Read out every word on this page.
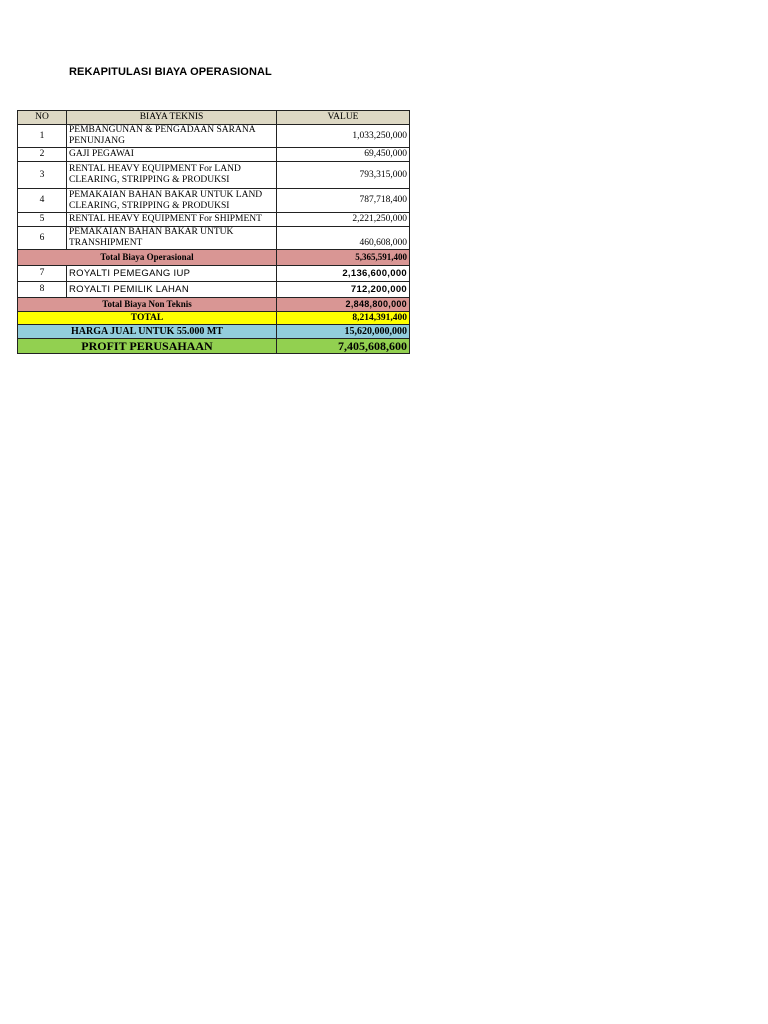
REKAPITULASI BIAYA OPERASIONAL
NO	BIAYA TEKNIS	VALUE
1	PEMBANGUNAN & PENGADAAN SARANA PENUNJANG	1,033,250,000
2	GAJI PEGAWAI	69,450,000
3	RENTAL HEAVY EQUIPMENT For LAND CLEARING, STRIPPING & PRODUKSI	793,315,000
4	PEMAKAIAN BAHAN BAKAR UNTUK LAND CLEARING, STRIPPING & PRODUKSI	787,718,400
5	RENTAL HEAVY EQUIPMENT For SHIPMENT	2,221,250,000
6	PEMAKAIAN BAHAN BAKAR UNTUK TRANSHIPMENT	460,608,000
Total Biaya Operasional		5,365,591,400
7	ROYALTI PEMEGANG IUP	2,136,600,000
8	ROYALTI PEMILIK LAHAN	712,200,000
Total Biaya Non Teknis		2,848,800,000
TOTAL		8,214,391,400
HARGA JUAL UNTUK 55.000 MT		15,620,000,000
PROFIT PERUSAHAAN		7,405,608,600
